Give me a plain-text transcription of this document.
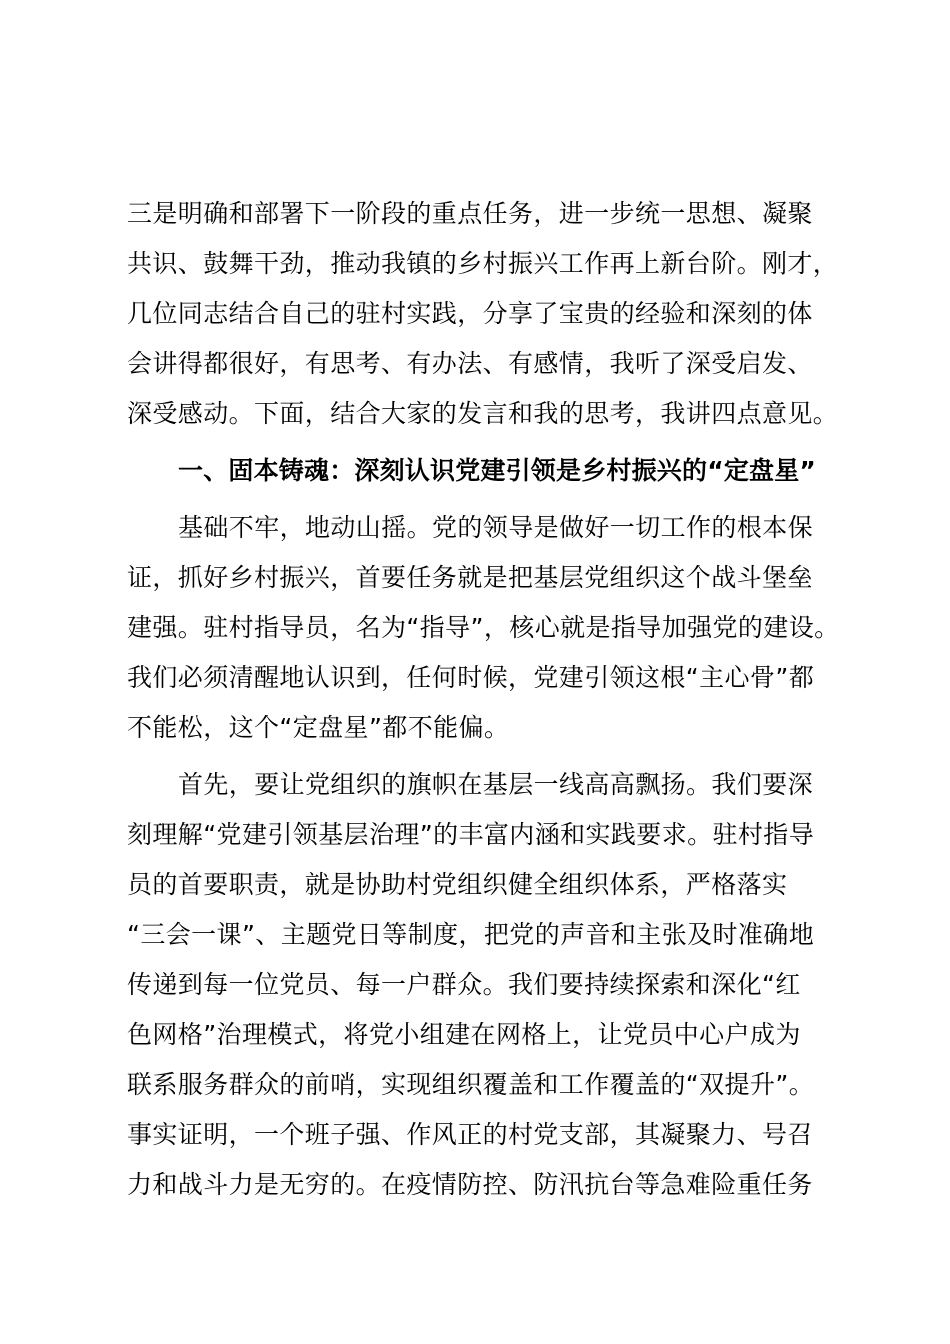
三是明确和部署下一阶段的重点任务，进一步统一思想、凝聚
共识、鼓舞干劲，推动我镇的乡村振兴工作再上新台阶。刚才，
几位同志结合自己的驻村实践，分享了宝贵的经验和深刻的体
会讲得都很好，有思考、有办法、有感情，我听了深受启发、
深受感动。下面，结合大家的发言和我的思考，我讲四点意见。
一、固本铸魂：深刻认识党建引领是乡村振兴的“定盘星”
基础不牢，地动山摇。党的领导是做好一切工作的根本保
证，抓好乡村振兴，首要任务就是把基层党组织这个战斗堡垒
建强。驻村指导员，名为“指导”，核心就是指导加强党的建设。
我们必须清醒地认识到，任何时候，党建引领这根“主心骨”都
不能松，这个“定盘星”都不能偏。
首先，要让党组织的旗帜在基层一线高高飘扬。我们要深
刻理解“党建引领基层治理”的丰富内涵和实践要求。驻村指导
员的首要职责，就是协助村党组织健全组织体系，严格落实
“三会一课”、主题党日等制度，把党的声音和主张及时准确地
传递到每一位党员、每一户群众。我们要持续探索和深化“红
色网格”治理模式，将党小组建在网格上，让党员中心户成为
联系服务群众的前哨，实现组织覆盖和工作覆盖的“双提升”。
事实证明，一个班子强、作风正的村党支部，其凝聚力、号召
力和战斗力是无穷的。在疫情防控、防汛抗台等急难险重任务
